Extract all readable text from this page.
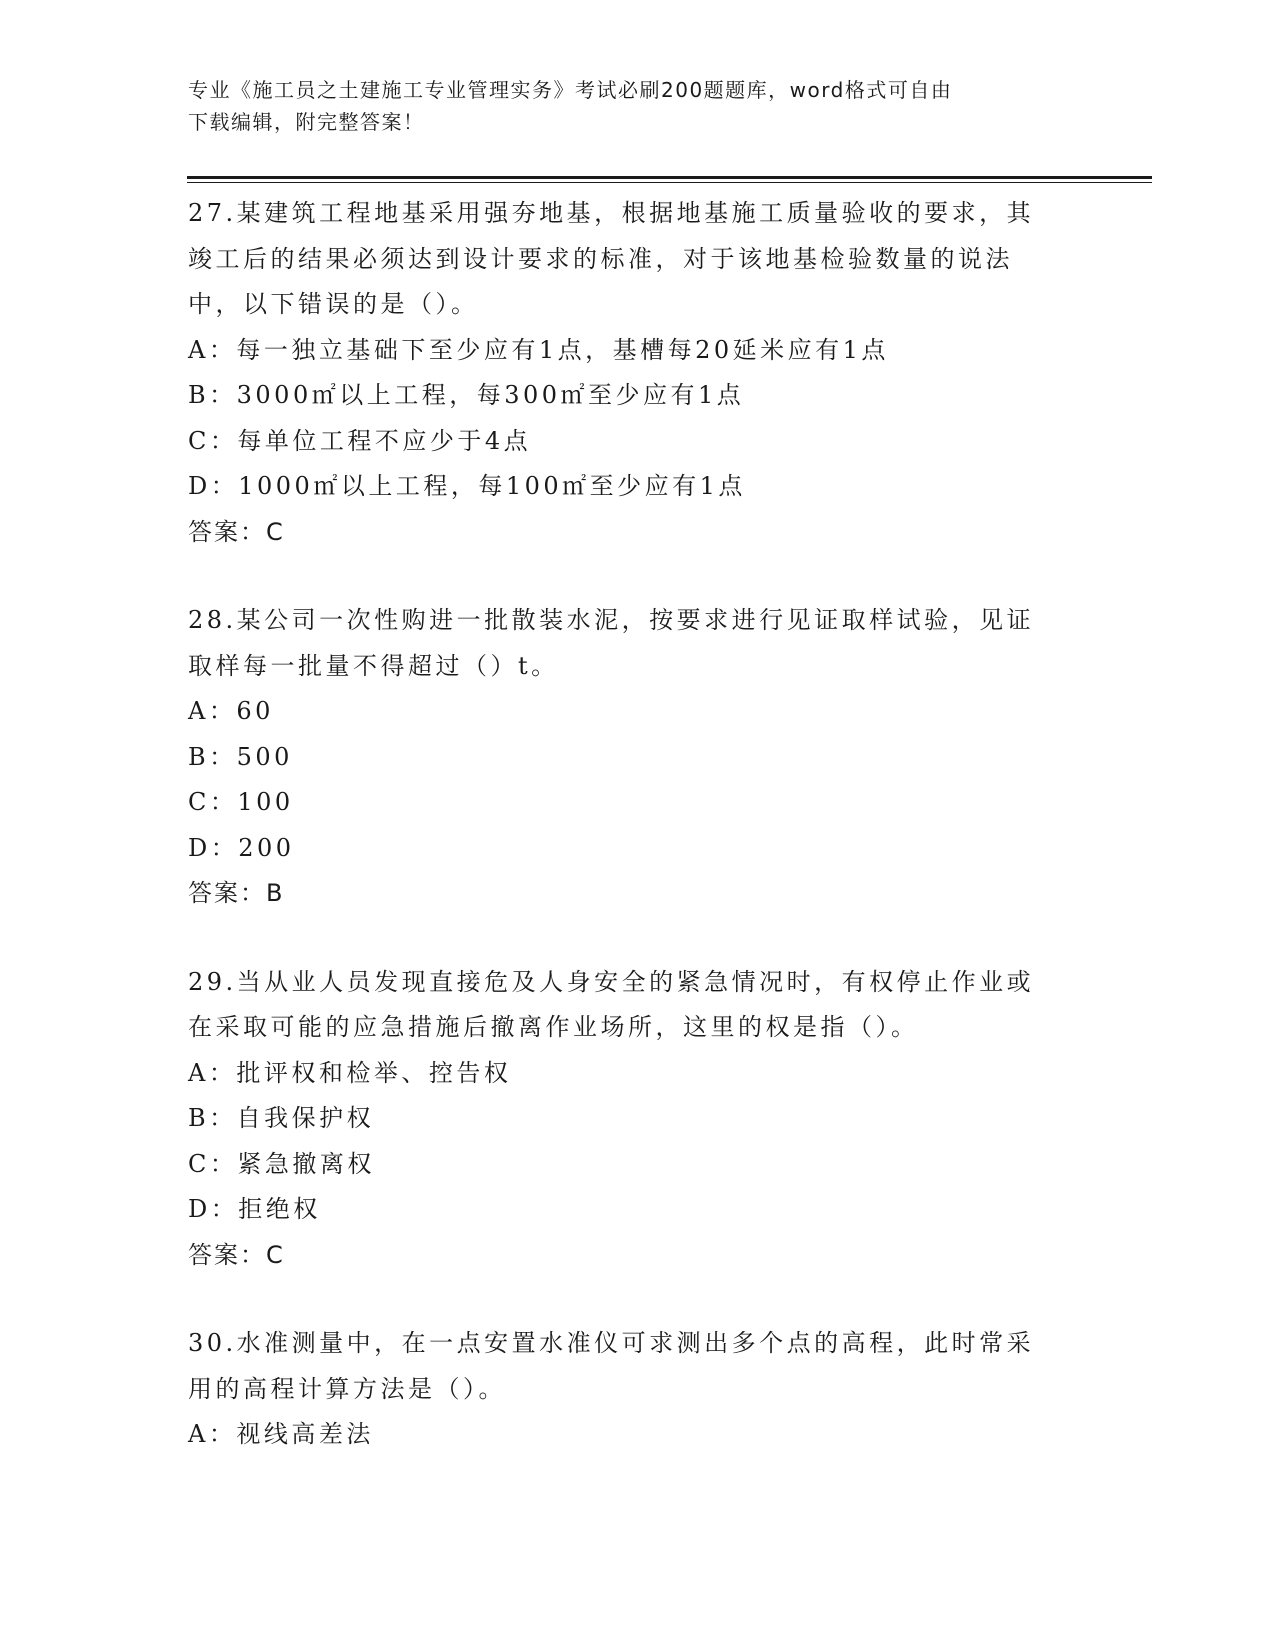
专业《施工员之土建施工专业管理实务》考试必刷200题题库，word格式可自由
下载编辑，附完整答案！
27.某建筑工程地基采用强夯地基，根据地基施工质量验收的要求，其
竣工后的结果必须达到设计要求的标准，对于该地基检验数量的说法
中，以下错误的是（）。
A：每一独立基础下至少应有1点，基槽每20延米应有1点
B：3000㎡以上工程，每300㎡至少应有1点
C：每单位工程不应少于4点
D：1000㎡以上工程，每100㎡至少应有1点
答案：C
28.某公司一次性购进一批散装水泥，按要求进行见证取样试验，见证
取样每一批量不得超过（）t。
A：60
B：500
C：100
D：200
答案：B
29.当从业人员发现直接危及人身安全的紧急情况时，有权停止作业或
在采取可能的应急措施后撤离作业场所，这里的权是指（）。
A：批评权和检举、控告权
B：自我保护权
C：紧急撤离权
D：拒绝权
答案：C
30.水准测量中，在一点安置水准仪可求测出多个点的高程，此时常采
用的高程计算方法是（）。
A：视线高差法
